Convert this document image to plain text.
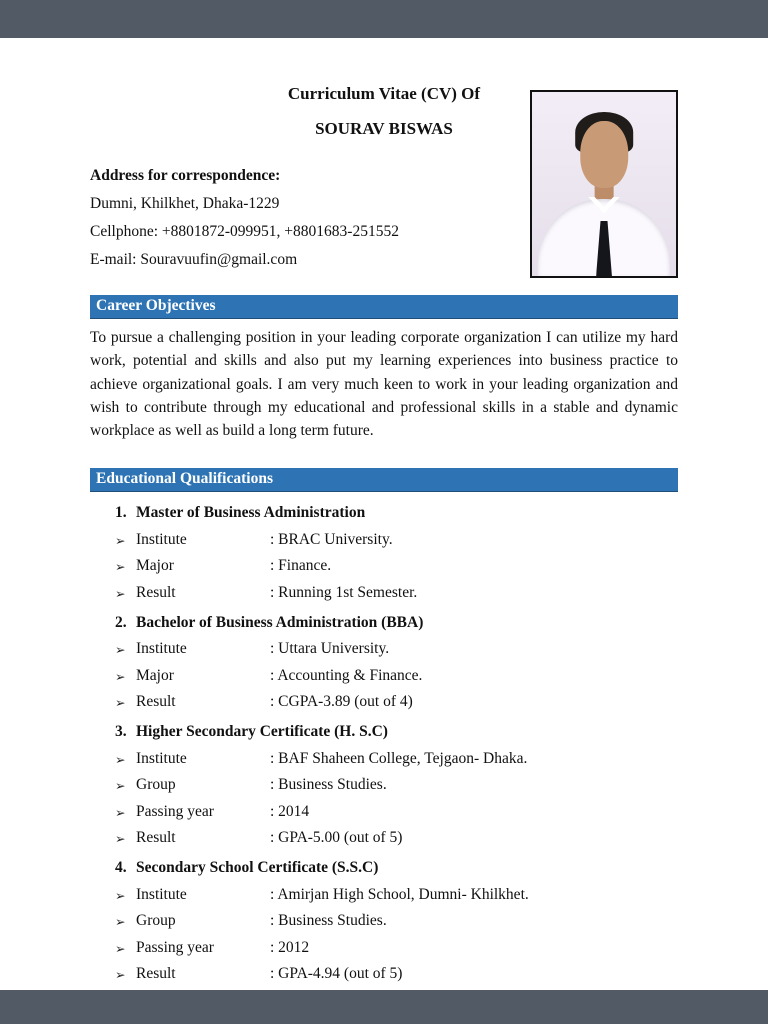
Curriculum Vitae (CV) Of
SOURAV BISWAS
Address for correspondence:
Dumni, Khilkhet, Dhaka-1229
Cellphone: +8801872-099951, +8801683-251552
E-mail: Souravuufin@gmail.com
Career Objectives
To pursue a challenging position in your leading corporate organization I can utilize my hard work, potential and skills and also put my learning experiences into business practice to achieve organizational goals. I am very much keen to work in your leading organization and wish to contribute through my educational and professional skills in a stable and dynamic workplace as well as build a long term future.
Educational Qualifications
1. Master of Business Administration
➢ Institute	: BRAC University.
➢ Major	: Finance.
➢ Result	: Running 1st Semester.
2. Bachelor of Business Administration (BBA)
➢ Institute	: Uttara University.
➢ Major	: Accounting & Finance.
➢ Result	: CGPA-3.89 (out of 4)
3. Higher Secondary Certificate (H. S.C)
➢ Institute	: BAF Shaheen College, Tejgaon- Dhaka.
➢ Group	: Business Studies.
➢ Passing year	: 2014
➢ Result	: GPA-5.00 (out of 5)
4. Secondary School Certificate (S.S.C)
➢ Institute	: Amirjan High School, Dumni- Khilkhet.
➢ Group	: Business Studies.
➢ Passing year	: 2012
➢ Result	: GPA-4.94 (out of 5)
